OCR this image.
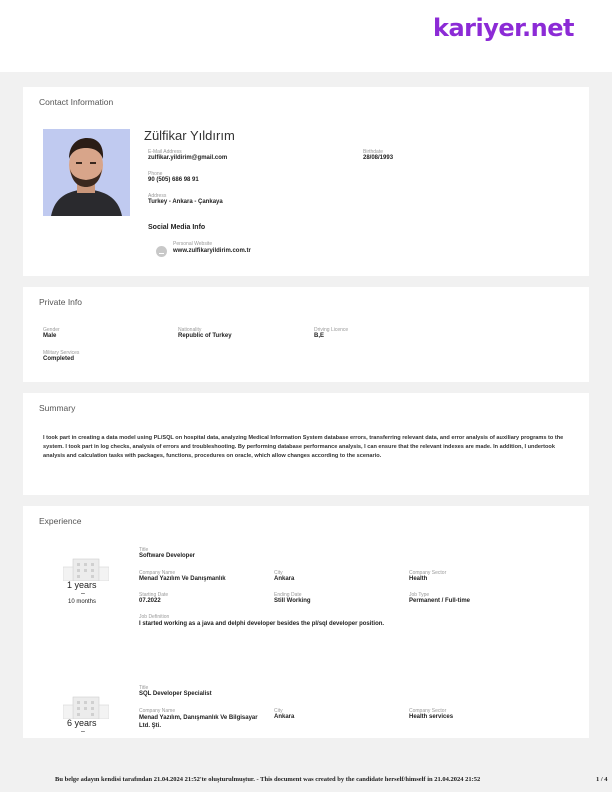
kariyer.net
Contact Information
Zülfikar Yıldırım
E-Mail Address
zulfikar.yildirim@gmail.com
Birthdate
28/08/1993
Phone
90 (505) 686 98 91
Address
Turkey - Ankara - Çankaya
Social Media Info
Personal Website
www.zulfikaryildirim.com.tr
Private Info
Gender
Male
Nationality
Republic of Turkey
Driving Licence
B,E
Military Services
Completed
Summary
I took part in creating a data model using PL/SQL on hospital data, analyzing Medical Information System database errors, transferring relevant data, and error analysis of auxiliary programs to the system. I took part in log checks, analysis of errors and troubleshooting. By performing database performance analysis, I can ensure that the relevant indexes are made. In addition, I undertook analysis and calculation tasks with packages, functions, procedures on oracle, which allow changes according to the scenario.
Experience
1 years
–
10 months
Title
Software Developer
Company Name
Menad Yazılım Ve Danışmanlık
City
Ankara
Company Sector
Health
Starting Date
07.2022
Ending Date
Still Working
Job Type
Permanent / Full-time
Job Definition
I started working as a java and delphi developer besides the pl/sql developer position.
6 years
–
Title
SQL Developer Specialist
Company Name
Menad Yazılım, Danışmanlık Ve Bilgisayar Ltd. Şti.
City
Ankara
Company Sector
Health services
Bu belge adayın kendisi tarafından 21.04.2024 21:52'te oluşturulmuştur. - This document was created by the candidate herself/himself in 21.04.2024 21:52	1 / 4
